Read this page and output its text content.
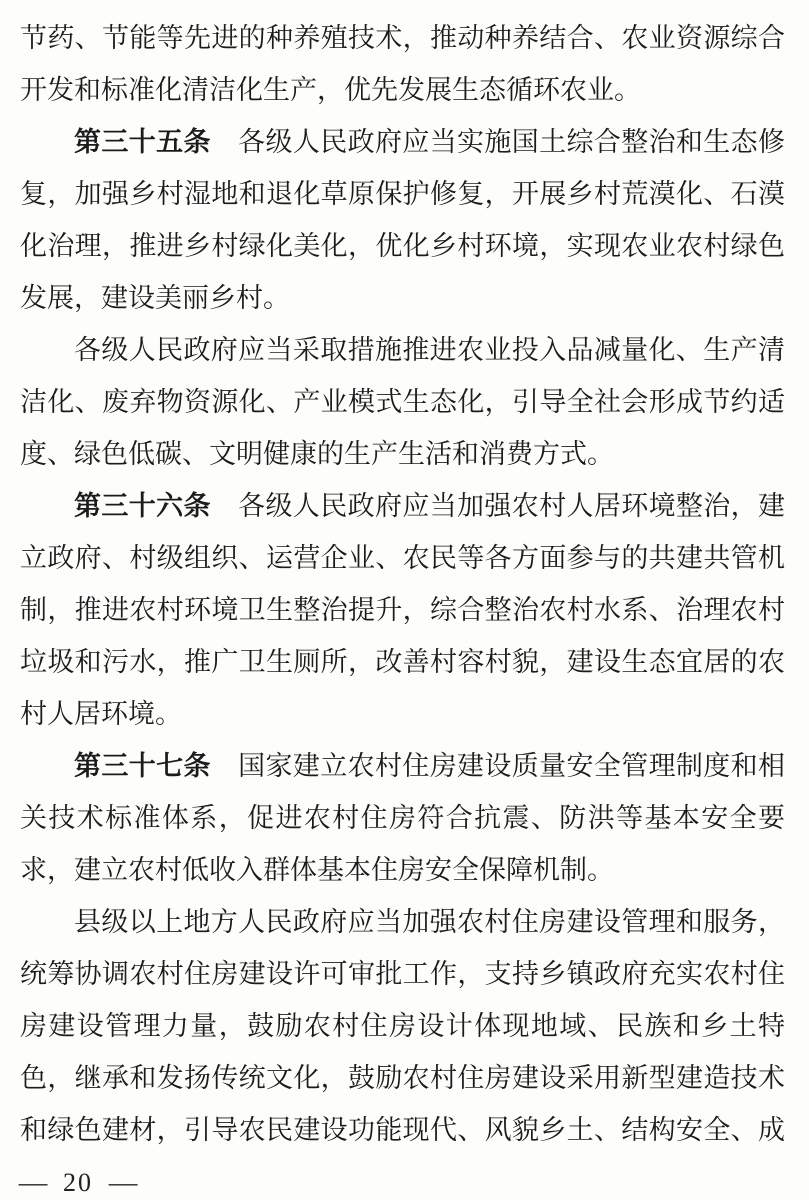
节药、节能等先进的种养殖技术，推动种养结合、农业资源综合
开发和标准化清洁化生产，优先发展生态循环农业。
第三十五条　各级人民政府应当实施国土综合整治和生态修
复，加强乡村湿地和退化草原保护修复，开展乡村荒漠化、石漠
化治理，推进乡村绿化美化，优化乡村环境，实现农业农村绿色
发展，建设美丽乡村。
各级人民政府应当采取措施推进农业投入品减量化、生产清
洁化、废弃物资源化、产业模式生态化，引导全社会形成节约适
度、绿色低碳、文明健康的生产生活和消费方式。
第三十六条　各级人民政府应当加强农村人居环境整治，建
立政府、村级组织、运营企业、农民等各方面参与的共建共管机
制，推进农村环境卫生整治提升，综合整治农村水系、治理农村
垃圾和污水，推广卫生厕所，改善村容村貌，建设生态宜居的农
村人居环境。
第三十七条　国家建立农村住房建设质量安全管理制度和相
关技术标准体系，促进农村住房符合抗震、防洪等基本安全要
求，建立农村低收入群体基本住房安全保障机制。
县级以上地方人民政府应当加强农村住房建设管理和服务，
统筹协调农村住房建设许可审批工作，支持乡镇政府充实农村住
房建设管理力量，鼓励农村住房设计体现地域、民族和乡土特
色，继承和发扬传统文化，鼓励农村住房建设采用新型建造技术
和绿色建材，引导农民建设功能现代、风貌乡土、结构安全、成
— 20 —
